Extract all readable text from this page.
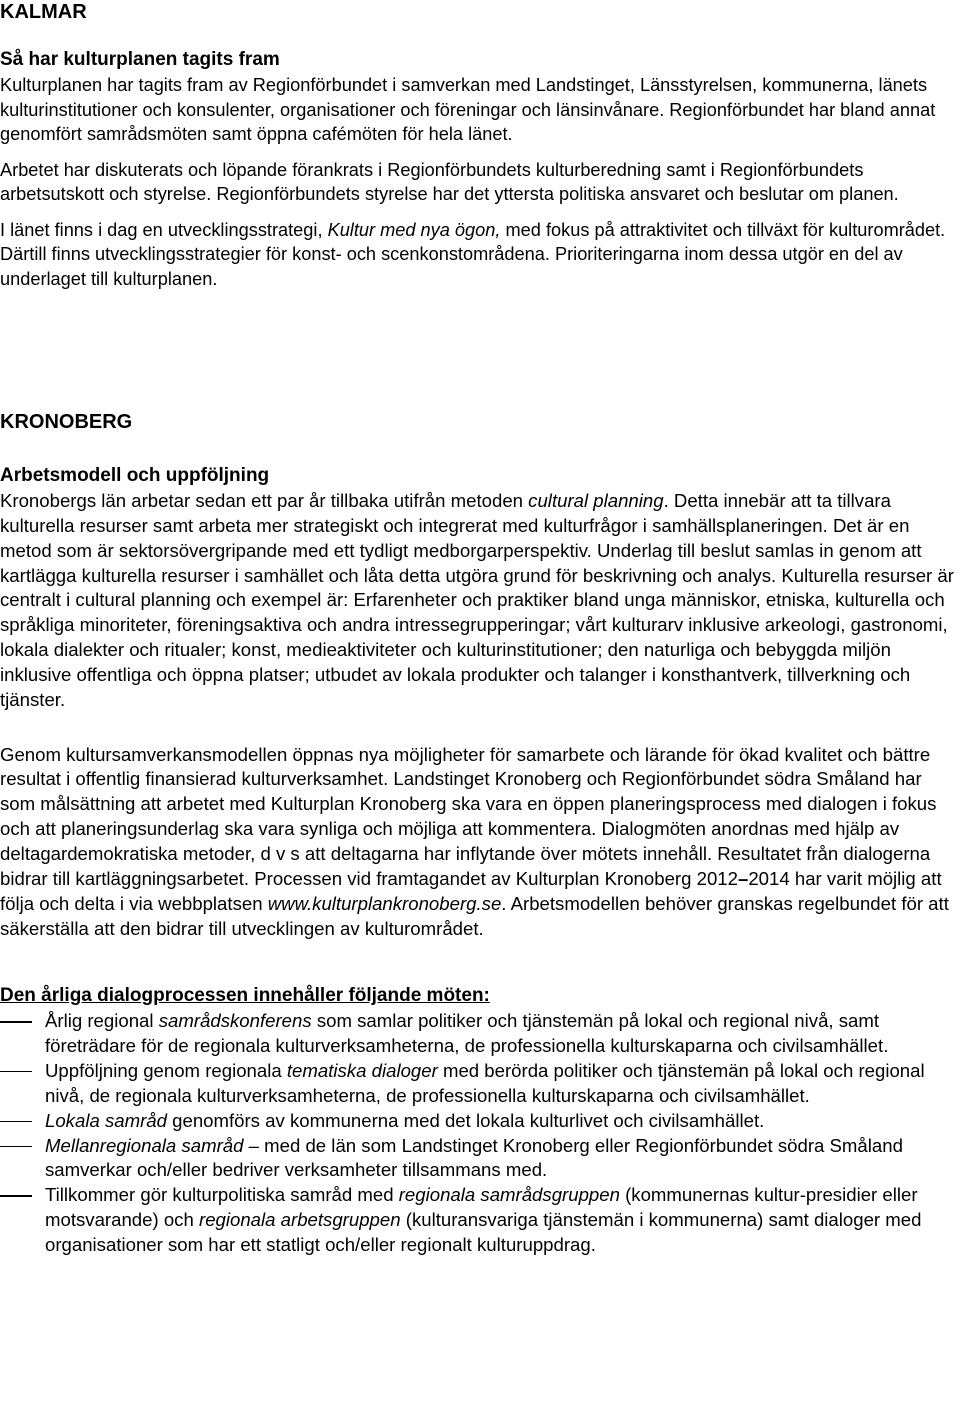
KALMAR
Så har kulturplanen tagits fram

Kulturplanen har tagits fram av Regionförbundet i samverkan med Landstinget, Länsstyrelsen, kommunerna, länets kulturinstitutioner och konsulenter, organisationer och föreningar och länsinvånare. Regionförbundet har bland annat genomfört samrådsmöten samt öppna cafémöten för hela länet.

Arbetet har diskuterats och löpande förankrats i Regionförbundets kulturberedning samt i Regionförbundets arbetsutskott och styrelse. Regionförbundets styrelse har det yttersta politiska ansvaret och beslutar om planen.

I länet finns i dag en utvecklingsstrategi, Kultur med nya ögon, med fokus på attraktivitet och tillväxt för kulturområdet. Därtill finns utvecklingsstrategier för konst- och scenkonstområdena. Prioriteringarna inom dessa utgör en del av underlaget till kulturplanen.

KRONOBERG
Arbetsmodell och uppföljning

Kronobergs län arbetar sedan ett par år tillbaka utifrån metoden cultural planning. Detta innebär att ta tillvara kulturella resurser samt arbeta mer strategiskt och integrerat med kulturfrågor i samhällsplaneringen. Det är en metod som är sektorsövergripande med ett tydligt medborgarperspektiv. Underlag till beslut samlas in genom att kartlägga kulturella resurser i samhället och låta detta utgöra grund för beskrivning och analys. Kulturella resurser är centralt i cultural planning och exempel är: Erfarenheter och praktiker bland unga människor, etniska, kulturella och språkliga minoriteter, föreningsaktiva och andra intressegrupperingar; vårt kulturarv inklusive arkeologi, gastronomi, lokala dialekter och ritualer; konst, medieaktiviteter och kulturinstitutioner; den naturliga och bebyggda miljön inklusive offentliga och öppna platser; utbudet av lokala produkter och talanger i konsthantverk, tillverkning och tjänster.

Genom kultursamverkansmodellen öppnas nya möjligheter för samarbete och lärande för ökad kvalitet och bättre resultat i offentlig finansierad kulturverksamhet. Landstinget Kronoberg och Regionförbundet södra Småland har som målsättning att arbetet med Kulturplan Kronoberg ska vara en öppen planeringsprocess med dialogen i fokus och att planeringsunderlag ska vara synliga och möjliga att kommentera. Dialogmöten anordnas med hjälp av deltagardemokratiska metoder, d v s att deltagarna har inflytande över mötets innehåll. Resultatet från dialogerna bidrar till kartläggningsarbetet. Processen vid framtagandet av Kulturplan Kronoberg 2012–2014 har varit möjlig att följa och delta i via webbplatsen www.kulturplankronoberg.se. Arbetsmodellen behöver granskas regelbundet för att säkerställa att den bidrar till utvecklingen av kulturområdet.

Den årliga dialogprocessen innehåller följande möten:
Årlig regional samrådskonferens som samlar politiker och tjänstemän på lokal och regional nivå, samt företrädare för de regionala kulturverksamheterna, de professionella kulturskaparna och civilsamhället.
Uppföljning genom regionala tematiska dialoger med berörda politiker och tjänstemän på lokal och regional nivå, de regionala kulturverksamheterna, de professionella kulturskaparna och civilsamhället.
Lokala samråd genomförs av kommunerna med det lokala kulturlivet och civilsamhället.
Mellanregionala samråd – med de län som Landstinget Kronoberg eller Regionförbundet södra Småland samverkar och/eller bedriver verksamheter tillsammans med.
Tillkommer gör kulturpolitiska samråd med regionala samrådsgruppen (kommunernas kultur-presidier eller motsvarande) och regionala arbetsgruppen (kulturansvariga tjänstemän i kommunerna) samt dialoger med organisationer som har ett statligt och/eller regionalt kulturuppdrag.
